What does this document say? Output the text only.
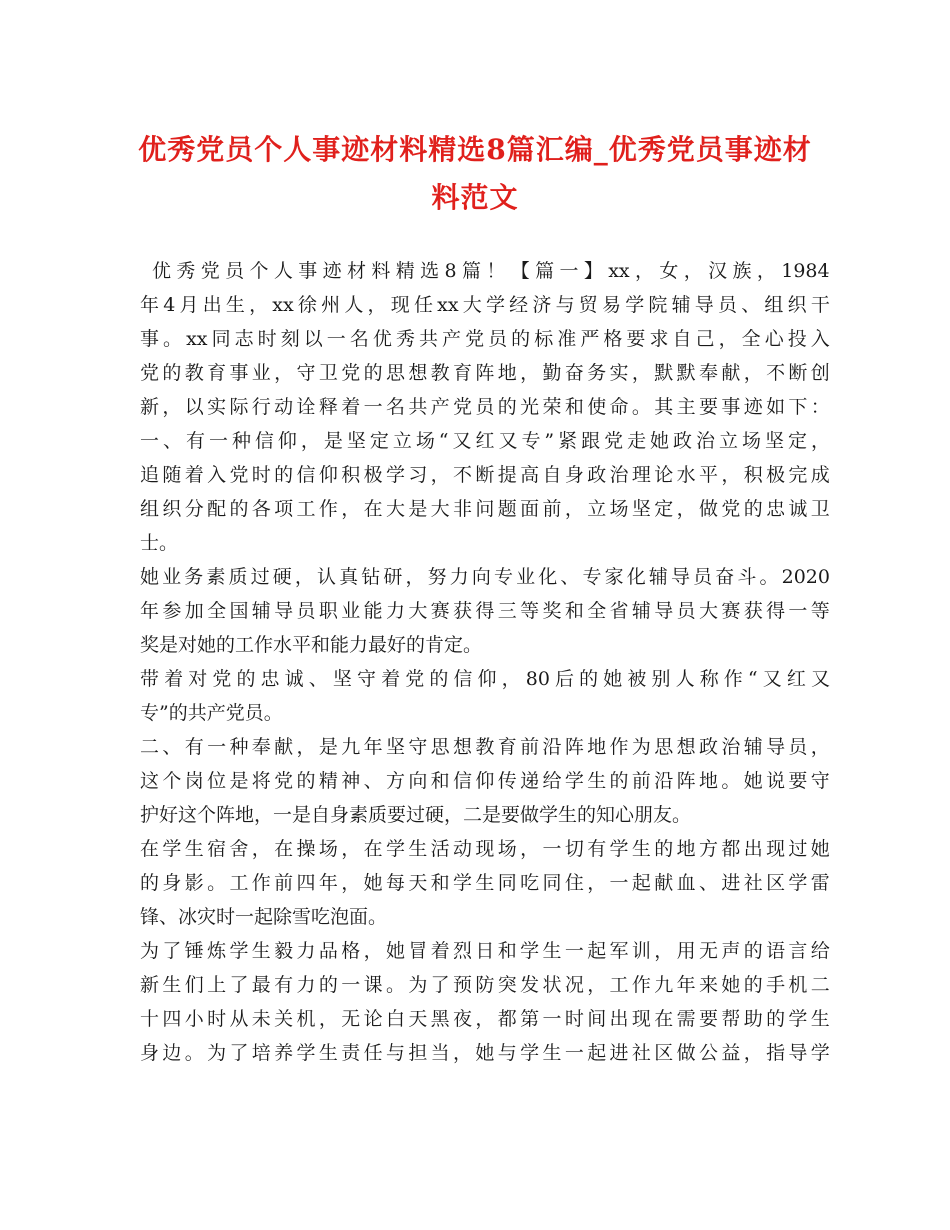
优秀党员个人事迹材料精选8篇汇编_优秀党员事迹材
料范文
优 秀 党 员 个 人 事 迹 材 料 精 选 8 篇 ！ 【 篇 一 】 xx ， 女 ， 汉 族 ， 1984
年 4 月 出 生 ， xx 徐 州 人 ， 现 任 xx 大 学 经 济 与 贸 易 学 院 辅 导 员 、 组 织 干
事 。 xx 同 志 时 刻 以 一 名 优 秀 共 产 党 员 的 标 准 严 格 要 求 自 己 ， 全 心 投 入
党 的 教 育 事 业 ， 守 卫 党 的 思 想 教 育 阵 地 ， 勤 奋 务 实 ， 默 默 奉 献 ， 不 断 创
新 ， 以 实 际 行 动 诠 释 着 一 名 共 产 党 员 的 光 荣 和 使 命 。 其 主 要 事 迹 如 下 ：
一 、 有 一 种 信 仰 ， 是 坚 定 立 场 “ 又 红 又 专 ” 紧 跟 党 走 她 政 治 立 场 坚 定 ，
追 随 着 入 党 时 的 信 仰 积 极 学 习 ， 不 断 提 高 自 身 政 治 理 论 水 平 ， 积 极 完 成
组 织 分 配 的 各 项 工 作 ， 在 大 是 大 非 问 题 面 前 ， 立 场 坚 定 ， 做 党 的 忠 诚 卫
士。
她 业 务 素 质 过 硬 ， 认 真 钻 研 ， 努 力 向 专 业 化 、 专 家 化 辅 导 员 奋 斗 。 2020
年 参 加 全 国 辅 导 员 职 业 能 力 大 赛 获 得 三 等 奖 和 全 省 辅 导 员 大 赛 获 得 一 等
奖是对她的工作水平和能力最好的肯定。
带 着 对 党 的 忠 诚 、 坚 守 着 党 的 信 仰 ， 80 后 的 她 被 别 人 称 作 “ 又 红 又
专”的共产党员。
二 、 有 一 种 奉 献 ， 是 九 年 坚 守 思 想 教 育 前 沿 阵 地 作 为 思 想 政 治 辅 导 员 ，
这 个 岗 位 是 将 党 的 精 神 、 方 向 和 信 仰 传 递 给 学 生 的 前 沿 阵 地 。 她 说 要 守
护好这个阵地，一是自身素质要过硬，二是要做学生的知心朋友。
在 学 生 宿 舍 ， 在 操 场 ， 在 学 生 活 动 现 场 ， 一 切 有 学 生 的 地 方 都 出 现 过 她
的 身 影 。 工 作 前 四 年 ， 她 每 天 和 学 生 同 吃 同 住 ， 一 起 献 血 、 进 社 区 学 雷
锋、冰灾时一起除雪吃泡面。
为 了 锤 炼 学 生 毅 力 品 格 ， 她 冒 着 烈 日 和 学 生 一 起 军 训 ， 用 无 声 的 语 言 给
新 生 们 上 了 最 有 力 的 一 课 。 为 了 预 防 突 发 状 况 ， 工 作 九 年 来 她 的 手 机 二
十 四 小 时 从 未 关 机 ， 无 论 白 天 黑 夜 ， 都 第 一 时 间 出 现 在 需 要 帮 助 的 学 生
身 边 。 为 了 培 养 学 生 责 任 与 担 当 ， 她 与 学 生 一 起 进 社 区 做 公 益 ， 指 导 学
